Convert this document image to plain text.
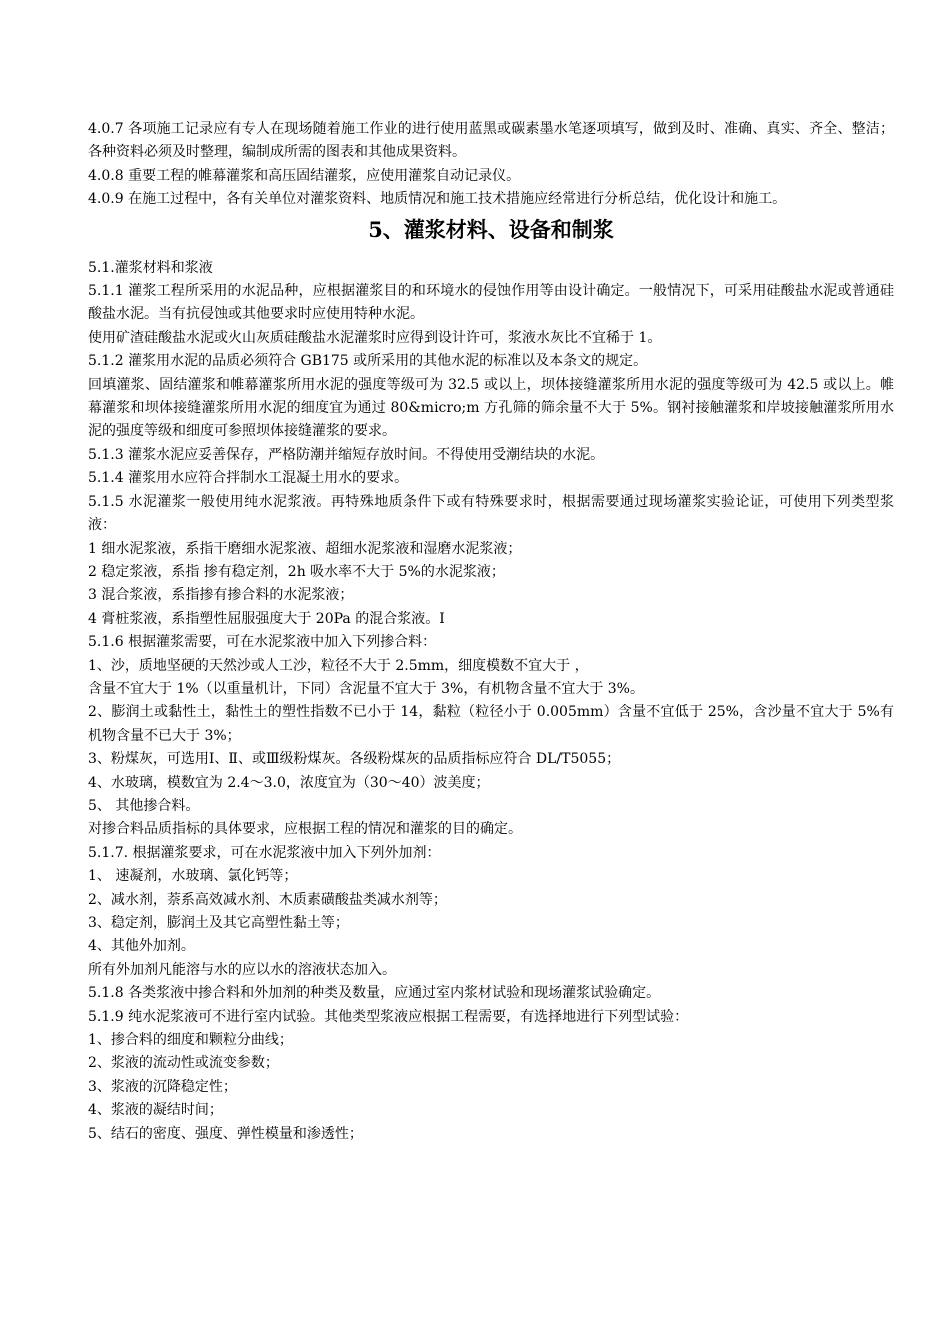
4.0.7 各项施工记录应有专人在现场随着施工作业的进行使用蓝黑或碳素墨水笔逐项填写，做到及时、准确、真实、齐全、整洁；各种资料必须及时整理，编制成所需的图表和其他成果资料。

4.0.8 重要工程的帷幕灌浆和高压固结灌浆，应使用灌浆自动记录仪。

4.0.9 在施工过程中，各有关单位对灌浆资料、地质情况和施工技术措施应经常进行分析总结，优化设计和施工。

5、灌浆材料、设备和制浆

5.1.灌浆材料和浆液

5.1.1 灌浆工程所采用的水泥品种，应根据灌浆目的和环境水的侵蚀作用等由设计确定。一般情况下，可采用硅酸盐水泥或普通硅酸盐水泥。当有抗侵蚀或其他要求时应使用特种水泥。

使用矿渣硅酸盐水泥或火山灰质硅酸盐水泥灌浆时应得到设计许可，浆液水灰比不宜稀于 1。

5.1.2 灌浆用水泥的品质必须符合 GB175 或所采用的其他水泥的标准以及本条文的规定。

回填灌浆、固结灌浆和帷幕灌浆所用水泥的强度等级可为 32.5 或以上，坝体接缝灌浆所用水泥的强度等级可为 42.5 或以上。帷幕灌浆和坝体接缝灌浆所用水泥的细度宜为通过 80&micro;m 方孔筛的筛余量不大于 5%。钢衬接触灌浆和岸坡接触灌浆所用水泥的强度等级和细度可参照坝体接缝灌浆的要求。

5.1.3 灌浆水泥应妥善保存，严格防潮并缩短存放时间。不得使用受潮结块的水泥。

5.1.4 灌浆用水应符合拌制水工混凝土用水的要求。

5.1.5 水泥灌浆一般使用纯水泥浆液。再特殊地质条件下或有特殊要求时，根据需要通过现场灌浆实验论证，可使用下列类型浆液：

1 细水泥浆液，系指干磨细水泥浆液、超细水泥浆液和湿磨水泥浆液；

2 稳定浆液，系指 掺有稳定剂，2h 吸水率不大于 5%的水泥浆液；

3 混合浆液，系指掺有掺合料的水泥浆液；

4 膏桩浆液，系指塑性屈服强度大于 20Pa 的混合浆液。Ⅰ

5.1.6 根据灌浆需要，可在水泥浆液中加入下列掺合料：

1、沙，质地坚硬的天然沙或人工沙，粒径不大于 2.5mm，细度模数不宜大于 ，

含量不宜大于 1%（以重量机计，下同）含泥量不宜大于 3%，有机物含量不宜大于 3%。

2、膨润土或黏性土，黏性土的塑性指数不已小于 14，黏粒（粒径小于 0.005mm）含量不宜低于 25%，含沙量不宜大于 5%有机物含量不已大于 3%；

3、粉煤灰，可选用Ⅰ、Ⅱ、或Ⅲ级粉煤灰。各级粉煤灰的品质指标应符合 DL/T5055；

4、水玻璃，模数宜为 2.4～3.0，浓度宜为（30～40）波美度；

5、 其他掺合料。

对掺合料品质指标的具体要求，应根据工程的情况和灌浆的目的确定。

5.1.7. 根据灌浆要求，可在水泥浆液中加入下列外加剂：

1、 速凝剂，水玻璃、氯化钙等；

2、减水剂，萘系高效减水剂、木质素磺酸盐类减水剂等；

3、稳定剂，膨润土及其它高塑性黏土等；

4、其他外加剂。

所有外加剂凡能溶与水的应以水的溶液状态加入。

5.1.8 各类浆液中掺合料和外加剂的种类及数量，应通过室内浆材试验和现场灌浆试验确定。

5.1.9 纯水泥浆液可不进行室内试验。其他类型浆液应根据工程需要，有选择地进行下列型试验：

1、掺合料的细度和颗粒分曲线；

2、浆液的流动性或流变参数；

3、浆液的沉降稳定性；

4、浆液的凝结时间；

5、结石的密度、强度、弹性模量和渗透性；
